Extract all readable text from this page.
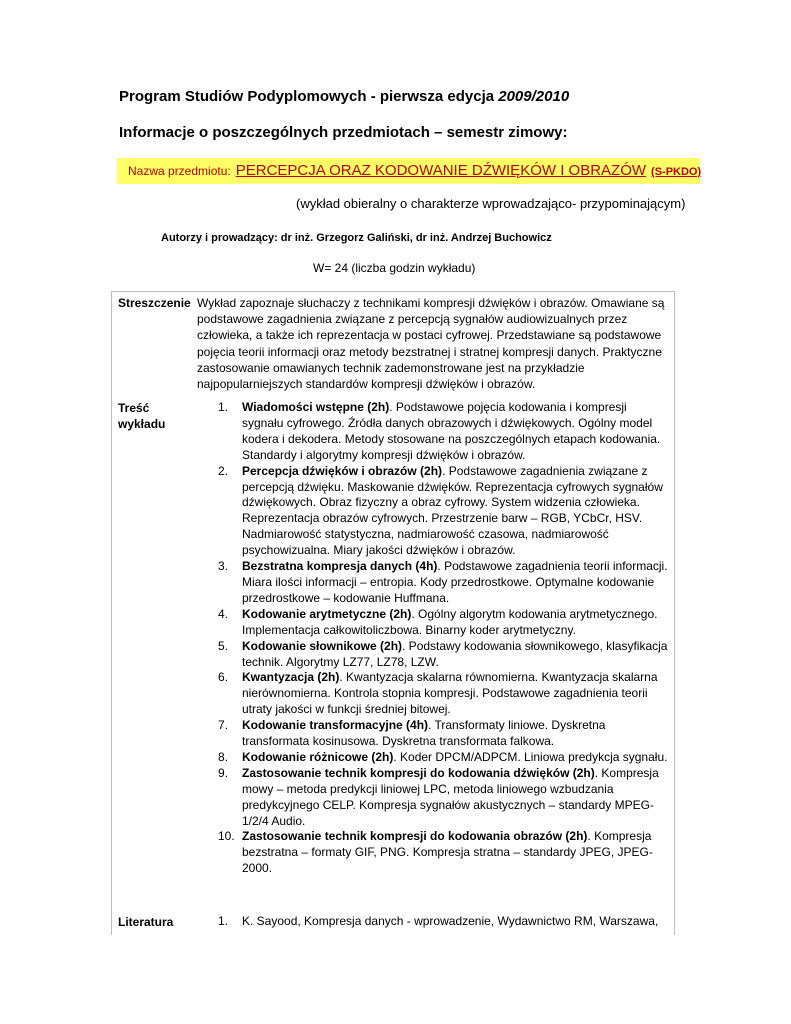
Program Studiów Podyplomowych - pierwsza edycja 2009/2010
Informacje o poszczególnych przedmiotach – semestr zimowy:
Nazwa przedmiotu: PERCEPCJA ORAZ KODOWANIE DŹWIĘKÓW I OBRAZÓW (S-PKDO)
(wykład obieralny o charakterze wprowadzająco- przypominającym)
Autorzy i prowadzący: dr inż. Grzegorz Galiński, dr inż. Andrzej Buchowicz
W= 24 (liczba godzin wykładu)
Streszczenie Wykład zapoznaje słuchaczy z technikami kompresji dźwięków i obrazów. Omawiane są podstawowe zagadnienia związane z percepcją sygnałów audiowizualnych przez człowieka, a także ich reprezentacja w postaci cyfrowej. Przedstawiane są podstawowe pojęcia teorii informacji oraz metody bezstratnej i stratnej kompresji danych. Praktyczne zastosowanie omawianych technik zademonstrowane jest na przykładzie najpopularniejszych standardów kompresji dźwięków i obrazów.
Treść wykładu
1. Wiadomości wstępne (2h). Podstawowe pojęcia kodowania i kompresji sygnału cyfrowego. Źródła danych obrazowych i dźwiękowych. Ogólny model kodera i dekodera. Metody stosowane na poszczególnych etapach kodowania. Standardy i algorytmy kompresji dźwięków i obrazów.
2. Percepcja dźwięków i obrazów (2h). Podstawowe zagadnienia związane z percepcją dźwięku. Maskowanie dźwięków. Reprezentacja cyfrowych sygnałów dźwiękowych. Obraz fizyczny a obraz cyfrowy. System widzenia człowieka. Reprezentacja obrazów cyfrowych. Przestrzenie barw – RGB, YCbCr, HSV. Nadmiarowość statystyczna, nadmiarowość czasowa, nadmiarowość psychowizualna. Miary jakości dźwięków i obrazów.
3. Bezstratna kompresja danych (4h). Podstawowe zagadnienia teorii informacji. Miara ilości informacji – entropia. Kody przedrostkowe. Optymalne kodowanie przedrostkowe – kodowanie Huffmana.
4. Kodowanie arytmetyczne (2h). Ogólny algorytm kodowania arytmetycznego. Implementacja całkowitoliczbowa. Binarny koder arytmetyczny.
5. Kodowanie słownikowe (2h). Podstawy kodowania słownikowego, klasyfikacja technik. Algorytmy LZ77, LZ78, LZW.
6. Kwantyzacja (2h). Kwantyzacja skalarna równomierna. Kwantyzacja skalarna nierównomierna. Kontrola stopnia kompresji. Podstawowe zagadnienia teorii utraty jakości w funkcji średniej bitowej.
7. Kodowanie transformacyjne (4h). Transformaty liniowe. Dyskretna transformata kosinusowa. Dyskretna transformata falkowa.
8. Kodowanie różnicowe (2h). Koder DPCM/ADPCM. Liniowa predykcja sygnału.
9. Zastosowanie technik kompresji do kodowania dźwięków (2h). Kompresja mowy – metoda predykcji liniowej LPC, metoda liniowego wzbudzania predykcyjnego CELP. Kompresja sygnałów akustycznych – standardy MPEG-1/2/4 Audio.
10. Zastosowanie technik kompresji do kodowania obrazów (2h). Kompresja bezstratna – formaty GIF, PNG. Kompresja stratna – standardy JPEG, JPEG-2000.
Literatura	1. K. Sayood, Kompresja danych - wprowadzenie, Wydawnictwo RM, Warszawa,
